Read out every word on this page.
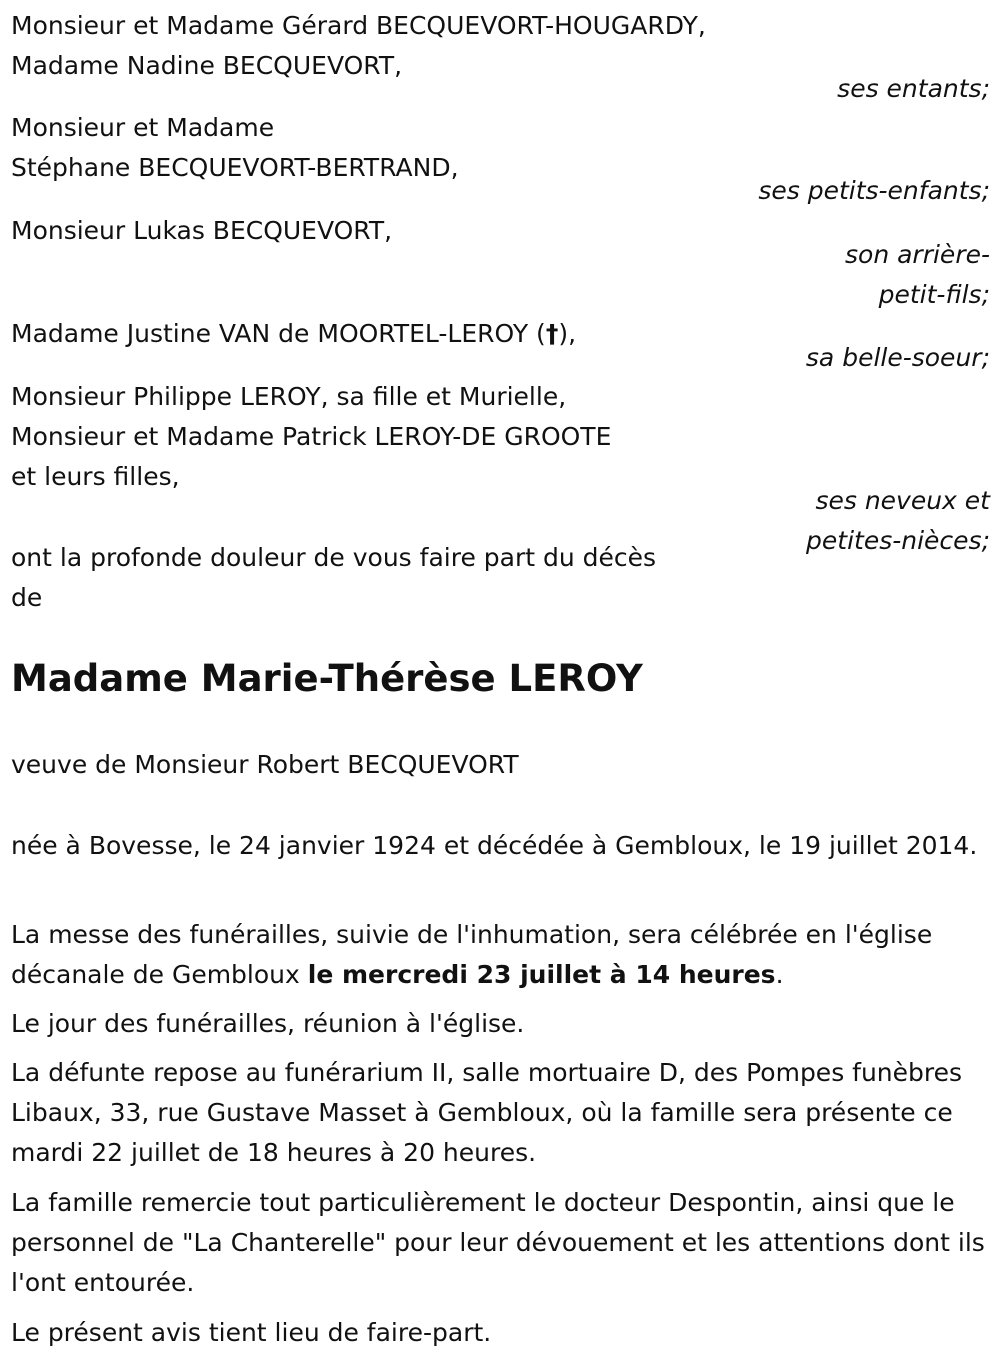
Monsieur et Madame Gérard BECQUEVORT-HOUGARDY,
Madame Nadine BECQUEVORT,
ses entants;
Monsieur et Madame
Stéphane BECQUEVORT-BERTRAND,
ses petits-enfants;
Monsieur Lukas BECQUEVORT,
son arrière-
petit-fils;
Madame Justine VAN de MOORTEL-LEROY (†),
sa belle-soeur;
Monsieur Philippe LEROY, sa fille et Murielle,
Monsieur et Madame Patrick LEROY-DE GROOTE
et leurs filles,
ses neveux et
petites-nièces;
ont la profonde douleur de vous faire part du décès
de
Madame Marie-Thérèse LEROY
veuve de Monsieur Robert BECQUEVORT
née à Bovesse, le 24 janvier 1924 et décédée à Gembloux, le 19 juillet 2014.
La messe des funérailles, suivie de l'inhumation, sera célébrée en l'église décanale de Gembloux le mercredi 23 juillet à 14 heures.
Le jour des funérailles, réunion à l'église.
La défunte repose au funérarium II, salle mortuaire D, des Pompes funèbres Libaux, 33, rue Gustave Masset à Gembloux, où la famille sera présente ce mardi 22 juillet de 18 heures à 20 heures.
La famille remercie tout particulièrement le docteur Despontin, ainsi que le personnel de "La Chanterelle" pour leur dévouement et les attentions dont ils l'ont entourée.
Le présent avis tient lieu de faire-part.
